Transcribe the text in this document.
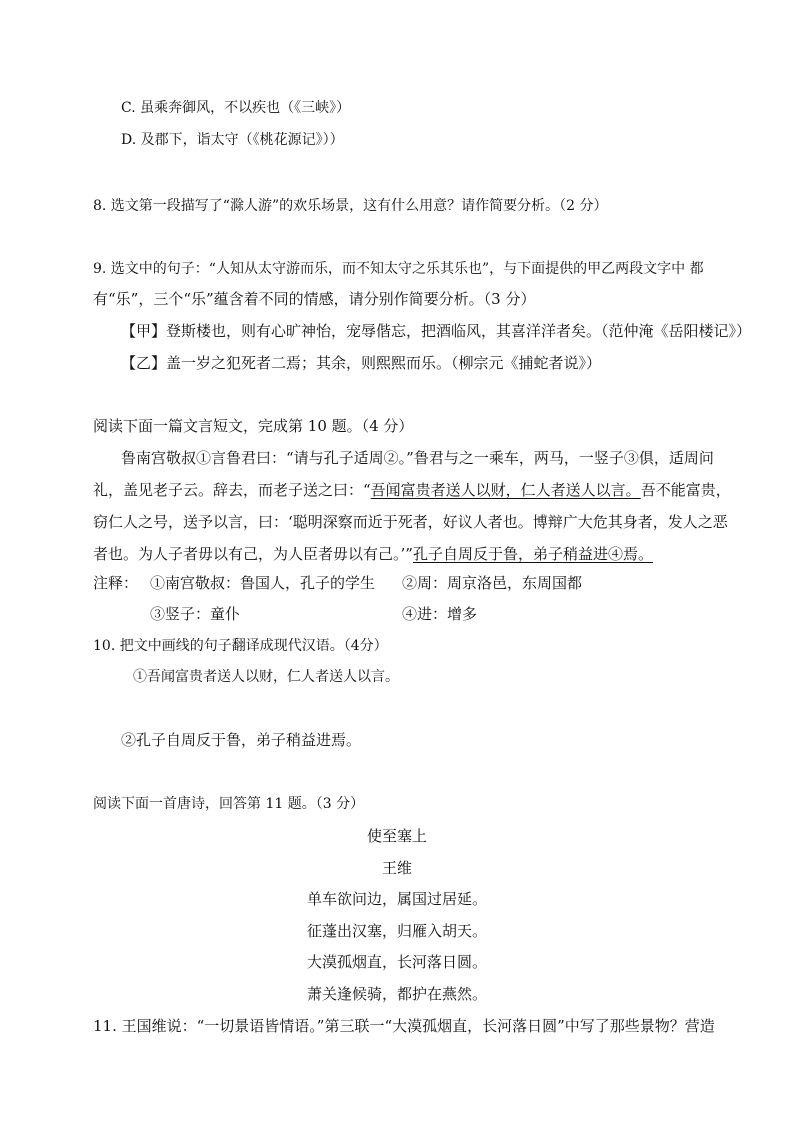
C. 虽乘奔御风，不以疾也（《三峡》）
D. 及郡下，诣太守（《桃花源记》））
8. 选文第一段描写了“滁人游”的欢乐场景，这有什么用意？请作简要分析。（2 分）
9. 选文中的句子：“人知从太守游而乐，而不知太守之乐其乐也”，与下面提供的甲乙两段文字中 都
有“乐”，三个“乐”蕴含着不同的情感，请分别作简要分析。（3 分）
【甲】登斯楼也，则有心旷神怡，宠辱偕忘，把酒临风，其喜洋洋者矣。（范仲淹《岳阳楼记》）
【乙】盖一岁之犯死者二焉；其余，则熙熙而乐。（柳宗元《捕蛇者说》）
阅读下面一篇文言短文，完成第 10 题。（4 分）
鲁南宫敬叔①言鲁君曰：“请与孔子适周②。”鲁君与之一乘车，两马，一竖子③俱，适周问
礼，盖见老子云。辞去，而老子送之曰：“吾闻富贵者送人以财，仁人者送人以言。吾不能富贵，
窃仁人之号，送予以言，曰：‘聪明深察而近于死者，好议人者也。博辩广大危其身者，发人之恶
者也。为人子者毋以有己，为人臣者毋以有己。’”孔子自周反于鲁，弟子稍益进④焉。
注释： ①南宫敬叔：鲁国人，孔子的学生 ②周：周京洛邑，东周国都
③竖子：童仆	④进：增多
10. 把文中画线的句子翻译成现代汉语。（4分）
①吾闻富贵者送人以财，仁人者送人以言。
②孔子自周反于鲁，弟子稍益进焉。
阅读下面一首唐诗，回答第 11 题。（3 分）
使至塞上
王维
单车欲问边，属国过居延。
征蓬出汉塞，归雁入胡天。
大漠孤烟直，长河落日圆。
萧关逢候骑，都护在燕然。
11. 王国维说：“一切景语皆情语。”第三联一“大漠孤烟直，长河落日圆”中写了那些景物？营造
